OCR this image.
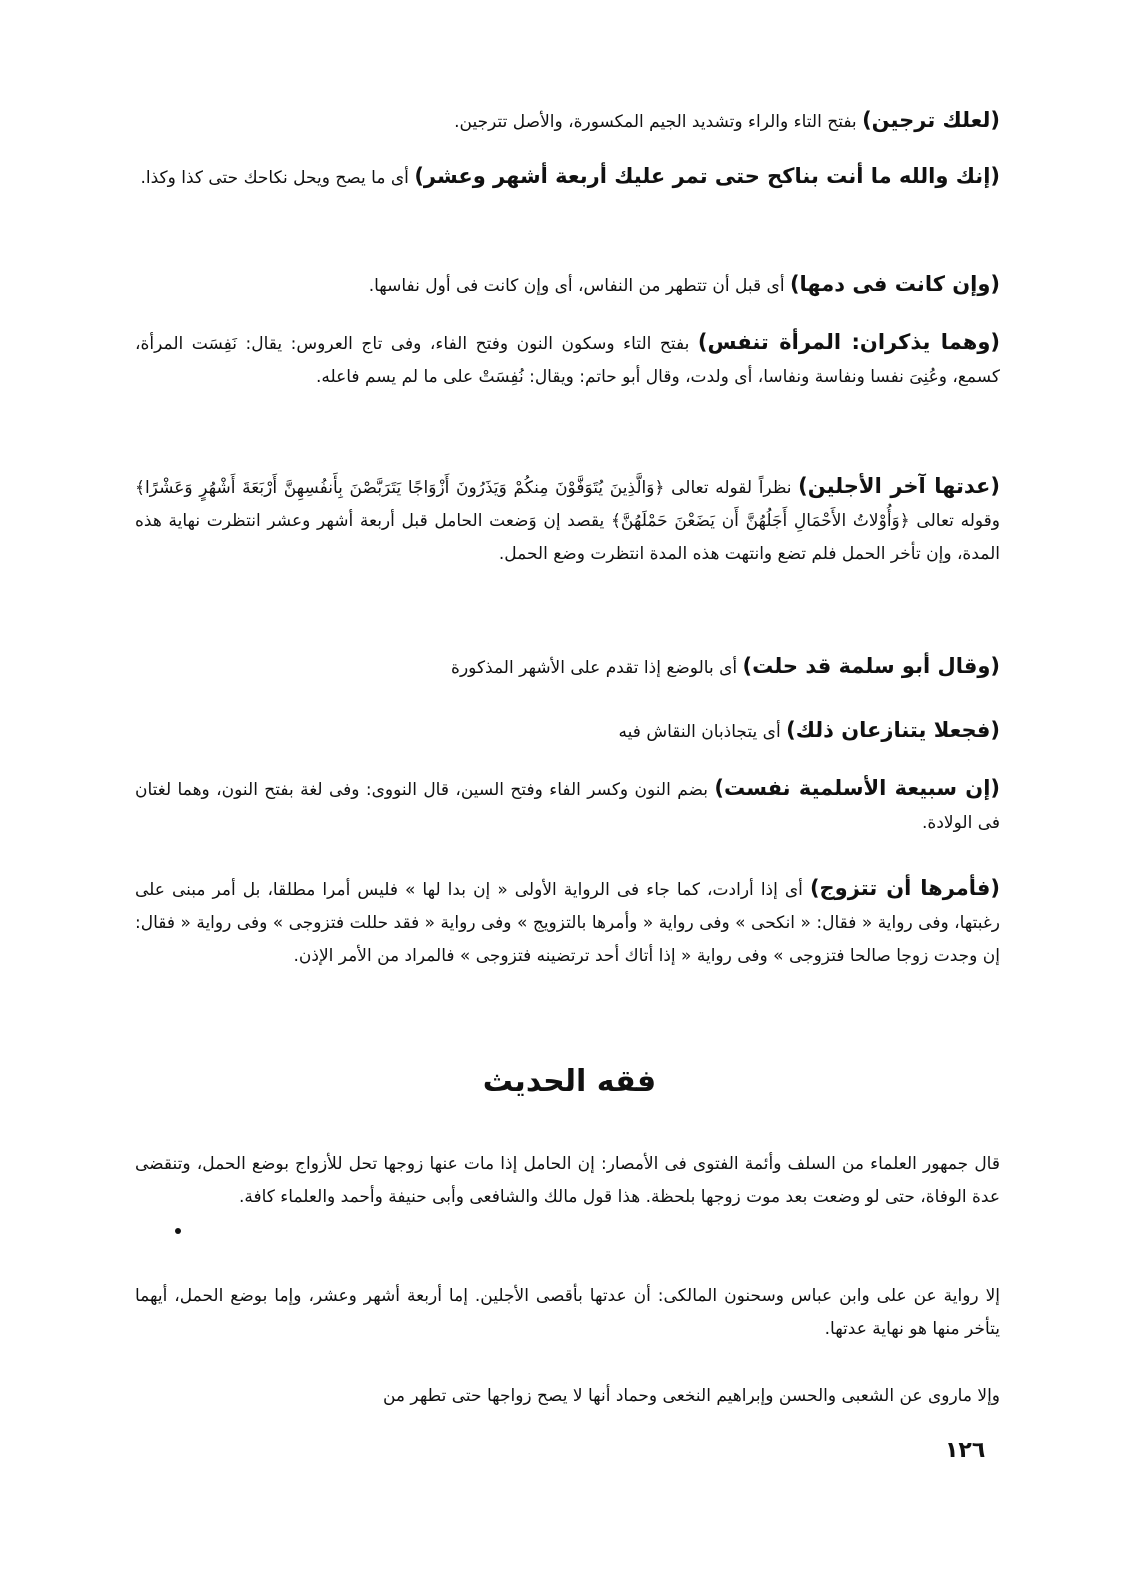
(لعلك ترجين) بفتح التاء والراء وتشديد الجيم المكسورة، والأصل تترجين.

(إنك والله ما أنت بناكح حتى تمر عليك أربعة أشهر وعشر) أى ما يصح ويحل نكاحك حتى كذا وكذا.

(وإن كانت فى دمها) أى قبل أن تتطهر من النفاس، أى وإن كانت فى أول نفاسها.

(وهما يذكران: المرأة تنفس) بفتح التاء وسكون النون وفتح الفاء، وفى تاج العروس: يقال: نَفِسَت المرأة، كسمع، وعُنِىَ نفسا ونفاسة ونفاسا، أى ولدت، وقال أبو حاتم: ويقال: نُفِسَتْ على ما لم يسم فاعله.

(عدتها آخر الأجلين) نظراً لقوله تعالى ﴿وَالَّذِينَ يُتَوَفَّوْنَ مِنكُمْ وَيَذَرُونَ أَزْوَاجًا يَتَرَبَّصْنَ بِأَنفُسِهِنَّ أَرْبَعَةَ أَشْهُرٍ وَعَشْرًا﴾ وقوله تعالى ﴿وَأُوْلاتُ الأَحْمَالِ أَجَلُهُنَّ أَن يَضَعْنَ حَمْلَهُنَّ﴾ يقصد إن وَضعت الحامل قبل أربعة أشهر وعشر انتظرت نهاية هذه المدة، وإن تأخر الحمل فلم تضع وانتهت هذه المدة انتظرت وضع الحمل.

(وقال أبو سلمة قد حلت) أى بالوضع إذا تقدم على الأشهر المذكورة

(فجعلا يتنازعان ذلك) أى يتجاذبان النقاش فيه

(إن سبيعة الأسلمية نفست) بضم النون وكسر الفاء وفتح السين، قال النووى: وفى لغة بفتح النون، وهما لغتان فى الولادة.

(فأمرها أن تتزوج) أى إذا أرادت، كما جاء فى الرواية الأولى « إن بدا لها » فليس أمرا مطلقا، بل أمر مبنى على رغبتها، وفى رواية « فقال: « انكحى » وفى رواية « وأمرها بالتزويج » وفى رواية « فقد حللت فتزوجى » وفى رواية « فقال: إن وجدت زوجا صالحا فتزوجى » وفى رواية « إذا أتاك أحد ترتضينه فتزوجى » فالمراد من الأمر الإذن.

فقه الحديث

قال جمهور العلماء من السلف وأئمة الفتوى فى الأمصار: إن الحامل إذا مات عنها زوجها تحل للأزواج بوضع الحمل، وتنقضى عدة الوفاة، حتى لو وضعت بعد موت زوجها بلحظة. هذا قول مالك والشافعى وأبى حنيفة وأحمد والعلماء كافة.

إلا رواية عن على وابن عباس وسحنون المالكى: أن عدتها بأقصى الأجلين. إما أربعة أشهر وعشر، وإما بوضع الحمل، أيهما يتأخر منها هو نهاية عدتها.

وإلا ماروى عن الشعبى والحسن وإبراهيم النخعى وحماد أنها لا يصح زواجها حتى تطهر من

١٢٦
